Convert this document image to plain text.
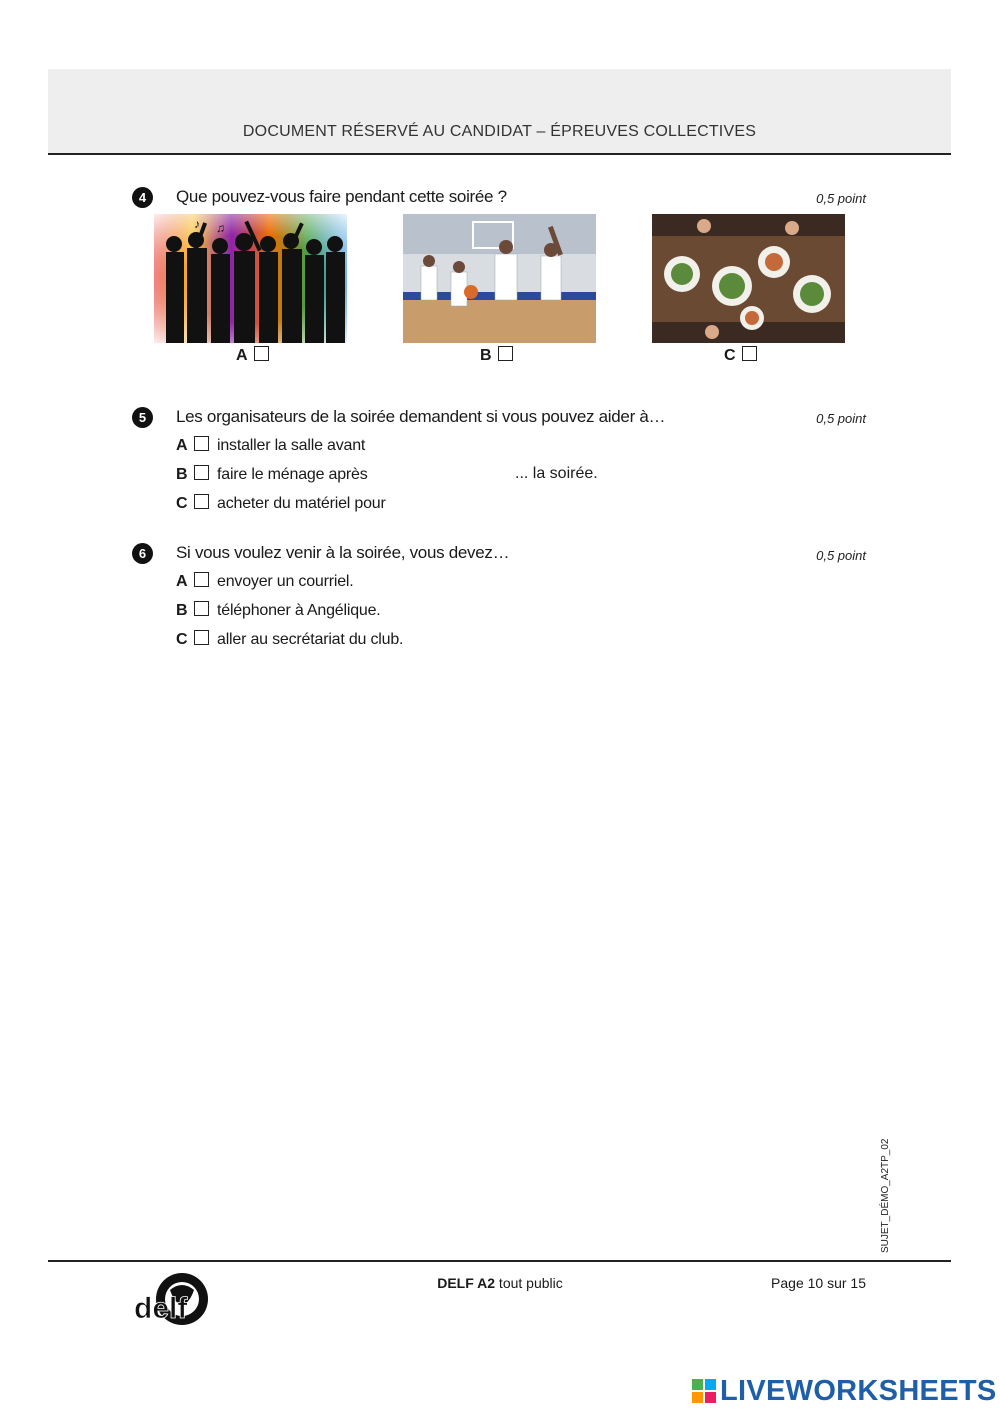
DOCUMENT RÉSERVÉ AU CANDIDAT – ÉPREUVES COLLECTIVES
4	Que pouvez-vous faire pendant cette soirée ?	0,5 point
♪ ♫
A	B	C
5	Les organisateurs de la soirée demandent si vous pouvez aider à…	0,5 point
A installer la salle avant
B faire le ménage après
C acheter du matériel pour
... la soirée.
6	Si vous voulez venir à la soirée, vous devez…	0,5 point
A envoyer un courriel.
B téléphoner à Angélique.
C aller au secrétariat du club.
SUJET_DÉMO_A2TP_02
delf
DELF A2 tout public	Page 10 sur 15
LIVEWORKSHEETS
